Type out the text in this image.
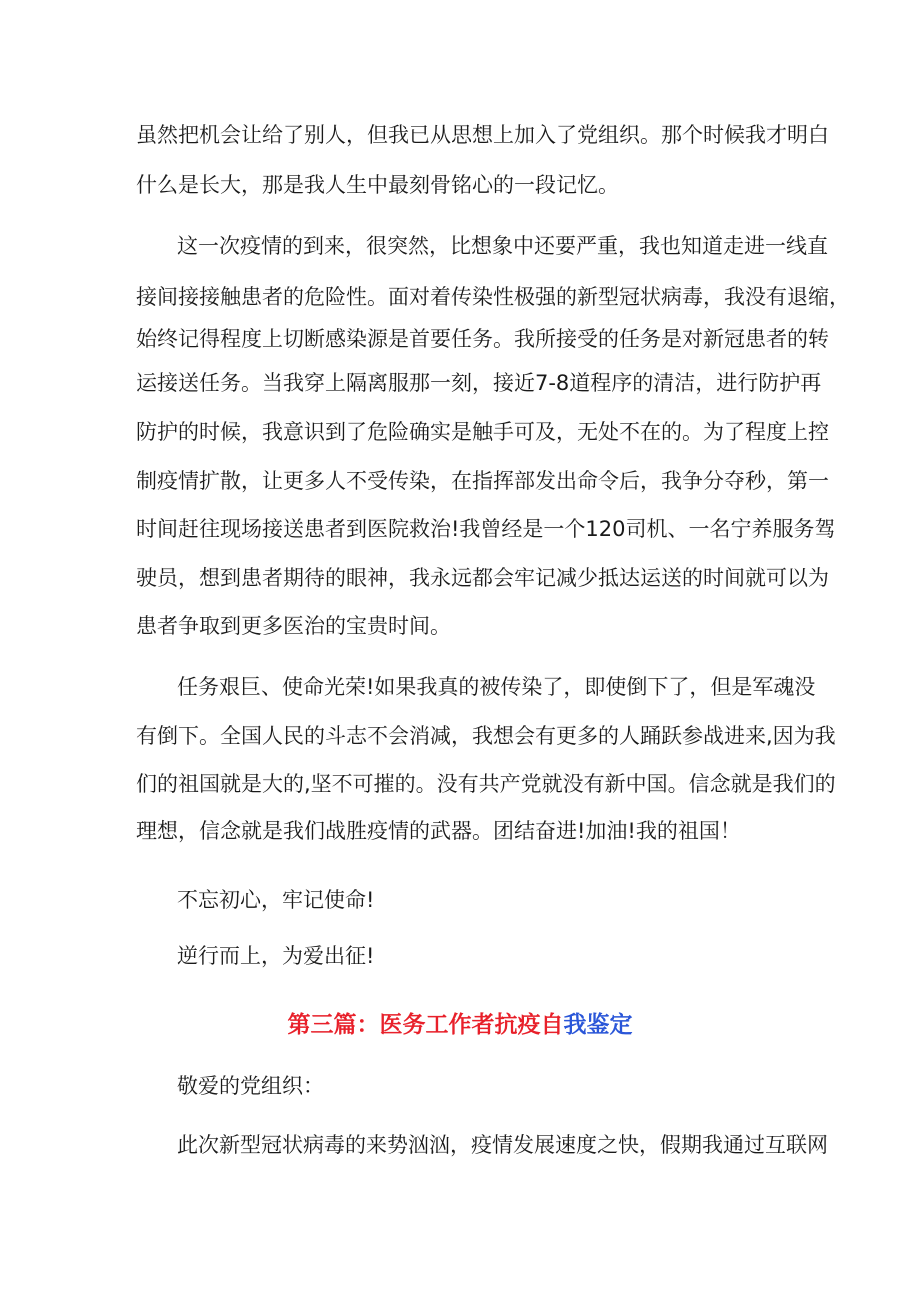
虽然把机会让给了别人，但我已从思想上加入了党组织。那个时候我才明白

什么是长大，那是我人生中最刻骨铭心的一段记忆。

这一次疫情的到来，很突然，比想象中还要严重，我也知道走进一线直

接间接接触患者的危险性。面对着传染性极强的新型冠状病毒，我没有退缩，

始终记得程度上切断感染源是首要任务。我所接受的任务是对新冠患者的转

运接送任务。当我穿上隔离服那一刻，接近7-8道程序的清洁，进行防护再

防护的时候，我意识到了危险确实是触手可及，无处不在的。为了程度上控

制疫情扩散，让更多人不受传染，在指挥部发出命令后，我争分夺秒，第一

时间赶往现场接送患者到医院救治!我曾经是一个120司机、一名宁养服务驾

驶员，想到患者期待的眼神，我永远都会牢记减少抵达运送的时间就可以为

患者争取到更多医治的宝贵时间。

任务艰巨、使命光荣!如果我真的被传染了，即使倒下了，但是军魂没

有倒下。全国人民的斗志不会消减，我想会有更多的人踊跃参战进来,因为我

们的祖国就是大的,坚不可摧的。没有共产党就没有新中国。信念就是我们的

理想，信念就是我们战胜疫情的武器。团结奋进!加油!我的祖国！

不忘初心，牢记使命!

逆行而上，为爱出征!

第三篇：医务工作者抗疫自我鉴定

敬爱的党组织：

此次新型冠状病毒的来势汹汹，疫情发展速度之快，假期我通过互联网
